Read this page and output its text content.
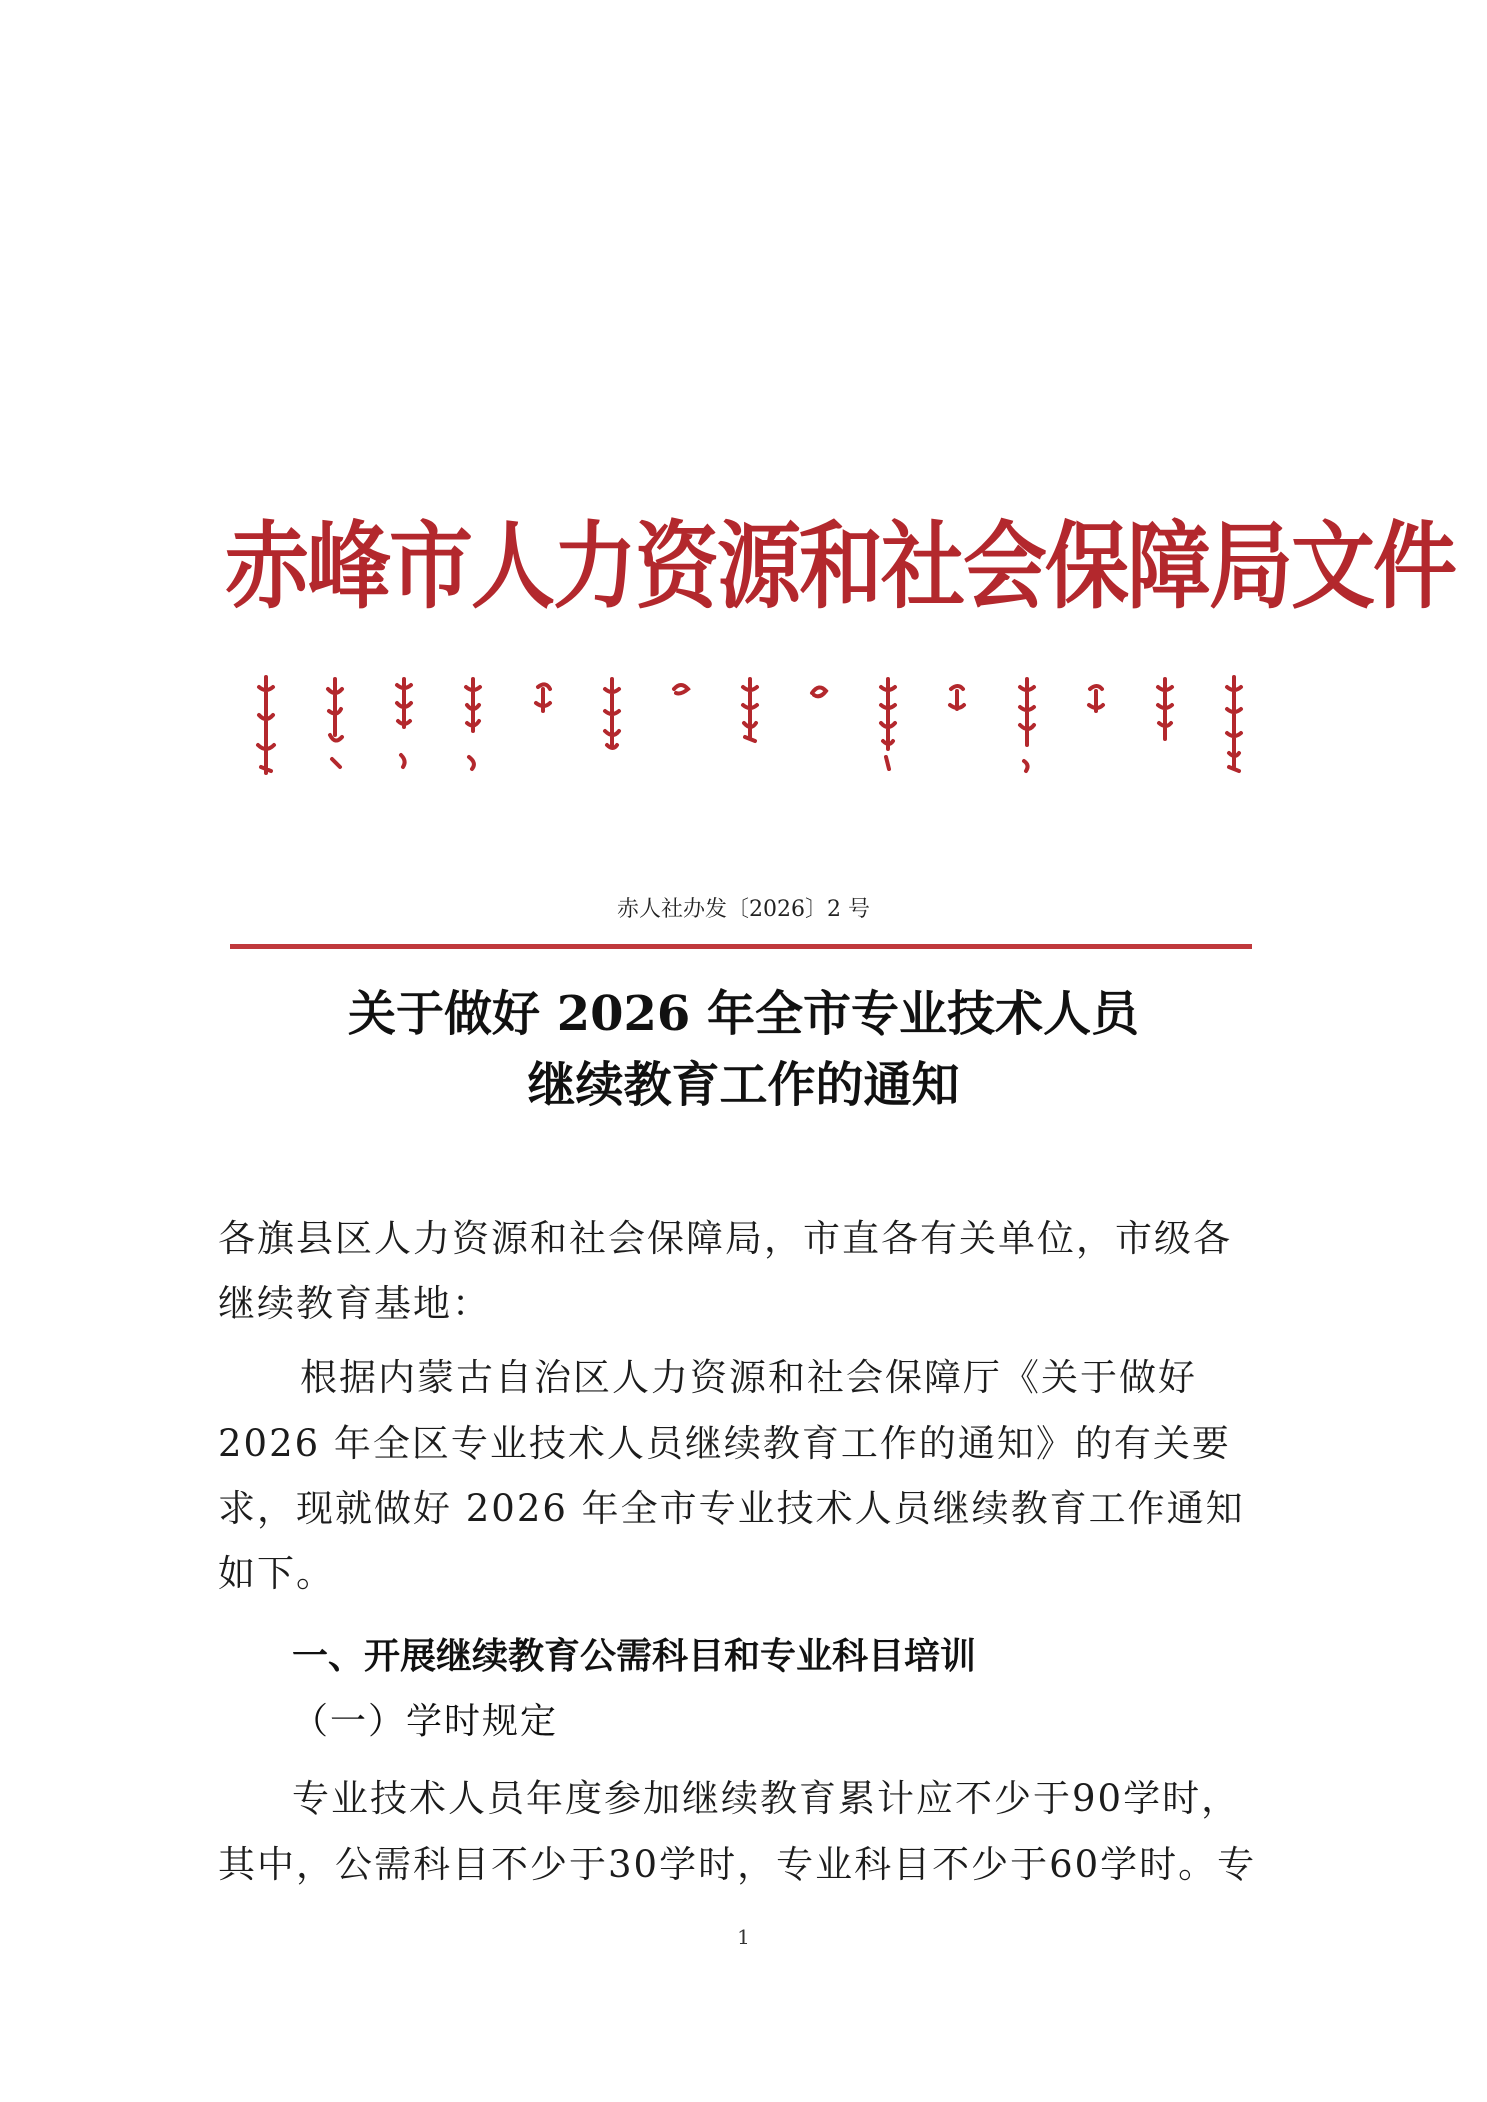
赤峰市人力资源和社会保障局文件
赤人社办发〔2026〕2 号
关于做好 2026 年全市专业技术人员
继续教育工作的通知
各旗县区人力资源和社会保障局，市直各有关单位，市级各
继续教育基地：
根据内蒙古自治区人力资源和社会保障厅《关于做好
2026 年全区专业技术人员继续教育工作的通知》的有关要
求，现就做好 2026 年全市专业技术人员继续教育工作通知
如下。
一、开展继续教育公需科目和专业科目培训
（一）学时规定
专业技术人员年度参加继续教育累计应不少于90学时，
其中，公需科目不少于30学时，专业科目不少于60学时。专
1
